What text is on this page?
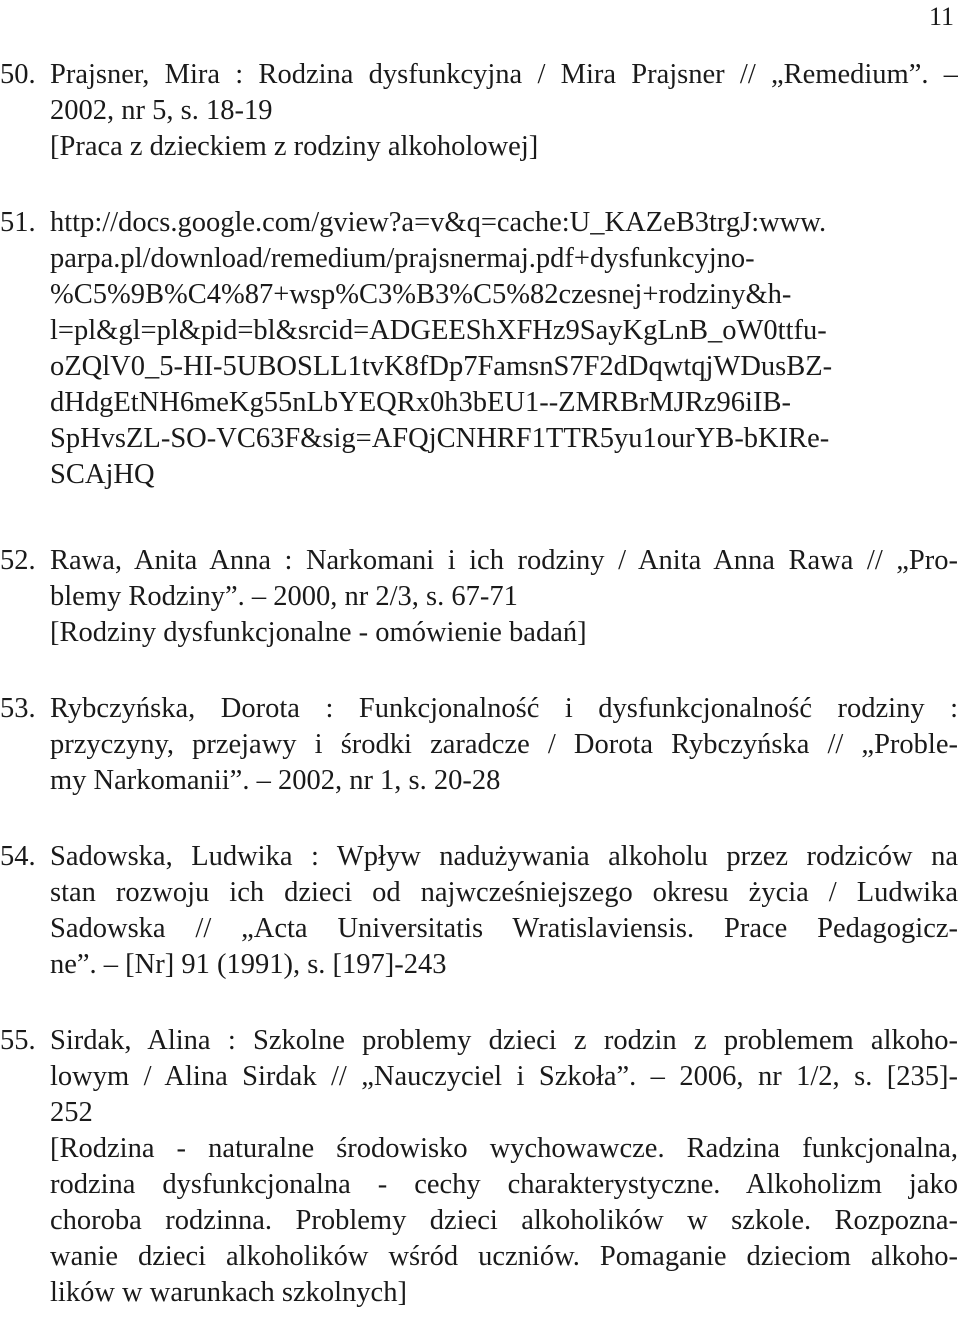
11
50. Prajsner, Mira : Rodzina dysfunkcyjna / Mira Prajsner // „Remedium”. –
2002, nr 5, s. 18-19
[Praca z dzieckiem z rodziny alkoholowej]
51. http://docs.google.com/gview?a=v&q=cache:U_KAZeB3trgJ:www.
parpa.pl/download/remedium/prajsnermaj.pdf+dysfunkcyjno-
%C5%9B%C4%87+wsp%C3%B3%C5%82czesnej+rodziny&h-
l=pl&gl=pl&pid=bl&srcid=ADGEEShXFHz9SayKgLnB_oW0ttfu-
oZQlV0_5-HI-5UBOSLL1tvK8fDp7FamsnS7F2dDqwtqjWDusBZ-
dHdgEtNH6meKg55nLbYEQRx0h3bEU1--ZMRBrMJRz96iIB-
SpHvsZL-SO-VC63F&sig=AFQjCNHRF1TTR5yu1ourYB-bKIRe-
SCAjHQ
52. Rawa, Anita Anna : Narkomani i ich rodziny / Anita Anna Rawa // „Pro-
blemy Rodziny”. – 2000, nr 2/3, s. 67-71
[Rodziny dysfunkcjonalne - omówienie badań]
53. Rybczyńska, Dorota : Funkcjonalność i dysfunkcjonalność rodziny :
przyczyny, przejawy i środki zaradcze / Dorota Rybczyńska // „Proble-
my Narkomanii”. – 2002, nr 1, s. 20-28
54. Sadowska, Ludwika : Wpływ nadużywania alkoholu przez rodziców na
stan rozwoju ich dzieci od najwcześniejszego okresu życia / Ludwika
Sadowska // „Acta Universitatis Wratislaviensis. Prace Pedagogicz-
ne”. – [Nr] 91 (1991), s. [197]-243
55. Sirdak, Alina : Szkolne problemy dzieci z rodzin z problemem alkoho-
lowym / Alina Sirdak // „Nauczyciel i Szkoła”. – 2006, nr 1/2, s. [235]-
252
[Rodzina - naturalne środowisko wychowawcze. Radzina funkcjonalna,
rodzina dysfunkcjonalna - cechy charakterystyczne. Alkoholizm jako
choroba rodzinna. Problemy dzieci alkoholików w szkole. Rozpozna-
wanie dzieci alkoholików wśród uczniów. Pomaganie dzieciom alkoho-
lików w warunkach szkolnych]
